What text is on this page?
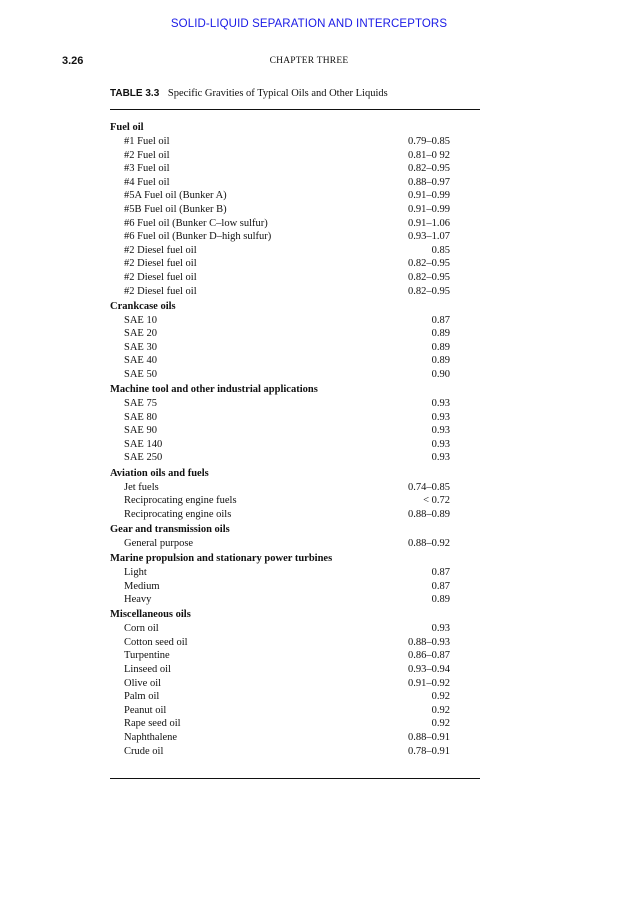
SOLID-LIQUID SEPARATION AND INTERCEPTORS
3.26	CHAPTER THREE
TABLE 3.3 Specific Gravities of Typical Oils and Other Liquids
Fuel oil
#1 Fuel oil	0.79–0.85
#2 Fuel oil	0.81–0 92
#3 Fuel oil	0.82–0.95
#4 Fuel oil	0.88–0.97
#5A Fuel oil (Bunker A)	0.91–0.99
#5B Fuel oil (Bunker B)	0.91–0.99
#6 Fuel oil (Bunker C–low sulfur)	0.91–1.06
#6 Fuel oil (Bunker D–high sulfur)	0.93–1.07
#2 Diesel fuel oil	0.85
#2 Diesel fuel oil	0.82–0.95
#2 Diesel fuel oil	0.82–0.95
#2 Diesel fuel oil	0.82–0.95
Crankcase oils
SAE 10	0.87
SAE 20	0.89
SAE 30	0.89
SAE 40	0.89
SAE 50	0.90
Machine tool and other industrial applications
SAE 75	0.93
SAE 80	0.93
SAE 90	0.93
SAE 140	0.93
SAE 250	0.93
Aviation oils and fuels
Jet fuels	0.74–0.85
Reciprocating engine fuels	< 0.72
Reciprocating engine oils	0.88–0.89
Gear and transmission oils
General purpose	0.88–0.92
Marine propulsion and stationary power turbines
Light	0.87
Medium	0.87
Heavy	0.89
Miscellaneous oils
Corn oil	0.93
Cotton seed oil	0.88–0.93
Turpentine	0.86–0.87
Linseed oil	0.93–0.94
Olive oil	0.91–0.92
Palm oil	0.92
Peanut oil	0.92
Rape seed oil	0.92
Naphthalene	0.88–0.91
Crude oil	0.78–0.91
